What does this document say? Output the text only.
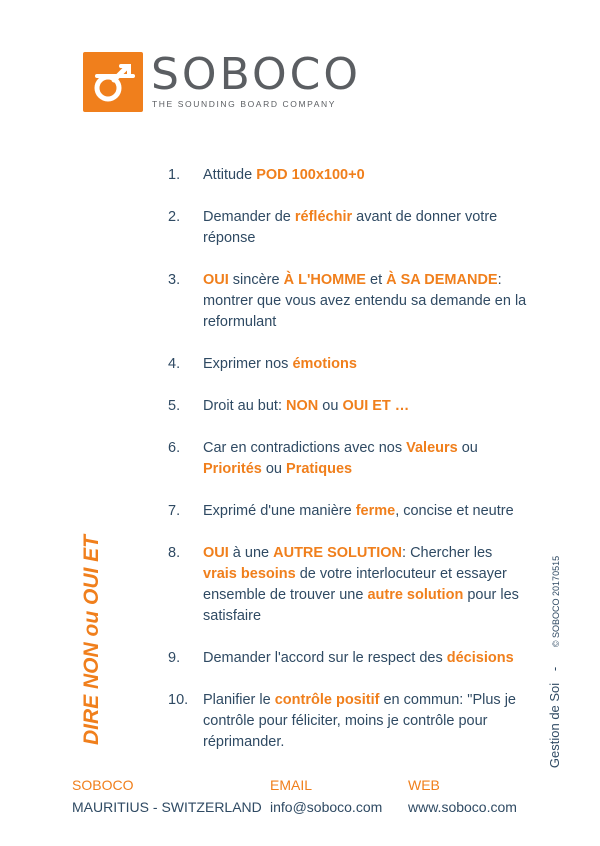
SOBOCO
THE SOUNDING BOARD COMPANY
1.	Attitude POD 100x100+0
2.	Demander de réfléchir avant de donner votre réponse
3.	OUI sincère À L'HOMME et À SA DEMANDE: montrer que vous avez entendu sa demande en la reformulant
4.	Exprimer nos émotions
5.	Droit au but: NON ou OUI ET …
6.	Car en contradictions avec nos Valeurs ou Priorités ou Pratiques
7.	Exprimé d'une manière ferme, concise et neutre
8.	OUI à une AUTRE SOLUTION: Chercher les vrais besoins de votre interlocuteur et essayer ensemble de trouver une autre solution pour les satisfaire
9.	Demander l'accord sur le respect des décisions
10.	Planifier le contrôle positif en commun: "Plus je contrôle pour féliciter, moins je contrôle pour réprimander.
DIRE NON ou OUI ET	Gestion de Soi   -   © SOBOCO 20170515
SOBOCO
MAURITIUS - SWITZERLAND
EMAIL
info@soboco.com
WEB
www.soboco.com
